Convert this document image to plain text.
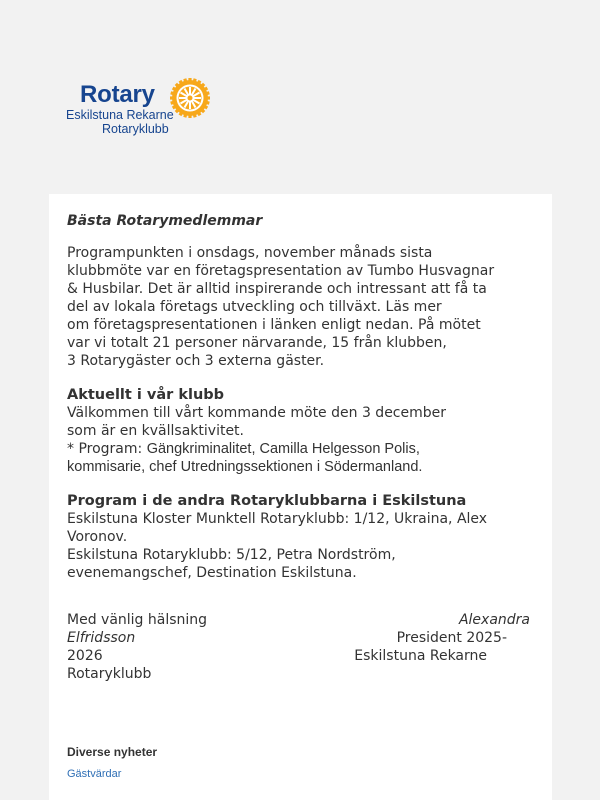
Rotary
Eskilstuna Rekarne
Rotaryklubb
Bästa Rotarymedlemmar

Programpunkten i onsdags, november månads sista

klubbmöte var en företagspresentation av Tumbo Husvagnar

& Husbilar. Det är alltid inspirerande och intressant att få ta

del av lokala företags utveckling och tillväxt. Läs mer

om företagspresentationen i länken enligt nedan. På mötet

var vi totalt 21 personer närvarande, 15 från klubben,

3 Rotarygäster och 3 externa gäster.

Aktuellt i vår klubb

Välkommen till vårt kommande möte den 3 december

som är en kvällsaktivitet.

* Program: Gängkriminalitet, Camilla Helgesson Polis,

kommisarie, chef Utredningssektionen i Södermanland.

Program i de andra Rotaryklubbarna i Eskilstuna

Eskilstuna Kloster Munktell Rotaryklubb: 1/12, Ukraina, Alex

Voronov.

Eskilstuna Rotaryklubb: 5/12, Petra Nordström,

evenemangschef, Destination Eskilstuna.

Med vänlig hälsning	Alexandra
Elfridsson	President 2025-
2026	Eskilstuna Rekarne
Rotaryklubb
Diverse nyheter
Gästvärdar
